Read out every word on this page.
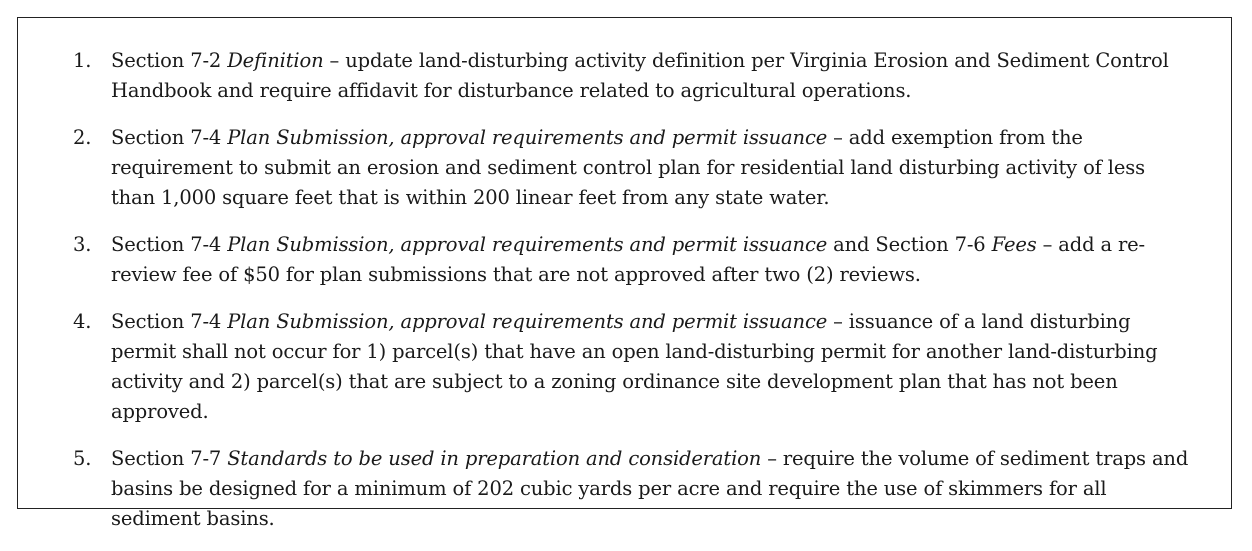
1. Section 7-2 Definition – update land-disturbing activity definition per Virginia Erosion and Sediment Control Handbook and require affidavit for disturbance related to agricultural operations.
2. Section 7-4 Plan Submission, approval requirements and permit issuance – add exemption from the requirement to submit an erosion and sediment control plan for residential land disturbing activity of less than 1,000 square feet that is within 200 linear feet from any state water.
3. Section 7-4 Plan Submission, approval requirements and permit issuance and Section 7-6 Fees – add a re-review fee of $50 for plan submissions that are not approved after two (2) reviews.
4. Section 7-4 Plan Submission, approval requirements and permit issuance – issuance of a land disturbing permit shall not occur for 1) parcel(s) that have an open land-disturbing permit for another land-disturbing activity and 2) parcel(s) that are subject to a zoning ordinance site development plan that has not been approved.
5. Section 7-7 Standards to be used in preparation and consideration – require the volume of sediment traps and basins be designed for a minimum of 202 cubic yards per acre and require the use of skimmers for all sediment basins.
